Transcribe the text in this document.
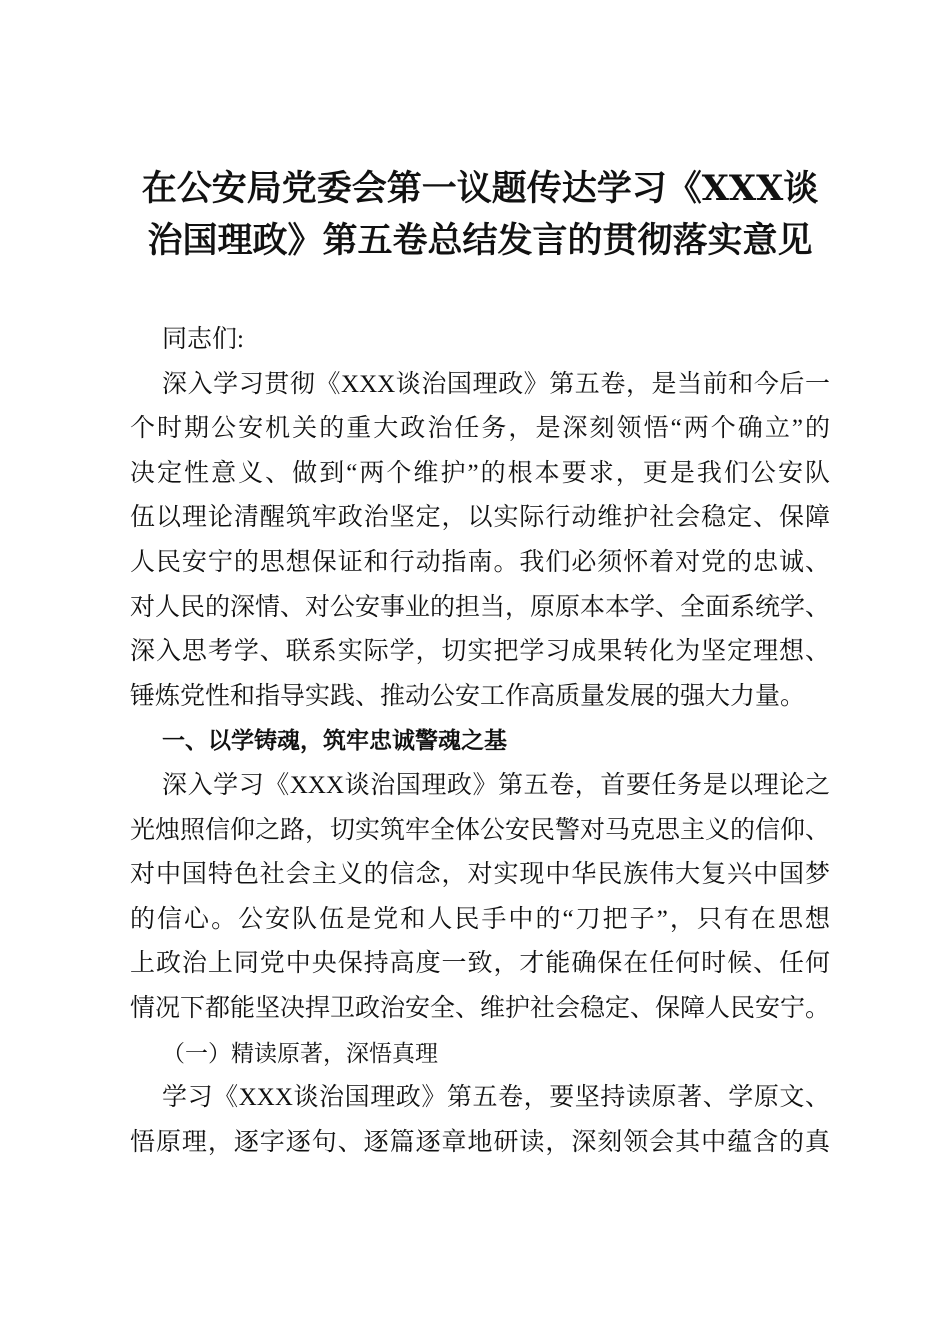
在公安局党委会第一议题传达学习《XXX谈
治国理政》第五卷总结发言的贯彻落实意见
同志们:
深入学习贯彻《XXX谈治国理政》第五卷，是当前和今后一
个时期公安机关的重大政治任务，是深刻领悟“两个确立”的
决定性意义、做到“两个维护”的根本要求，更是我们公安队
伍以理论清醒筑牢政治坚定，以实际行动维护社会稳定、保障
人民安宁的思想保证和行动指南。我们必须怀着对党的忠诚、
对人民的深情、对公安事业的担当，原原本本学、全面系统学、
深入思考学、联系实际学，切实把学习成果转化为坚定理想、
锤炼党性和指导实践、推动公安工作高质量发展的强大力量。
一、以学铸魂，筑牢忠诚警魂之基
深入学习《XXX谈治国理政》第五卷，首要任务是以理论之
光烛照信仰之路，切实筑牢全体公安民警对马克思主义的信仰、
对中国特色社会主义的信念，对实现中华民族伟大复兴中国梦
的信心。公安队伍是党和人民手中的“刀把子”，只有在思想
上政治上同党中央保持高度一致，才能确保在任何时候、任何
情况下都能坚决捍卫政治安全、维护社会稳定、保障人民安宁。
（一）精读原著，深悟真理
学习《XXX谈治国理政》第五卷，要坚持读原著、学原文、
悟原理，逐字逐句、逐篇逐章地研读，深刻领会其中蕴含的真
